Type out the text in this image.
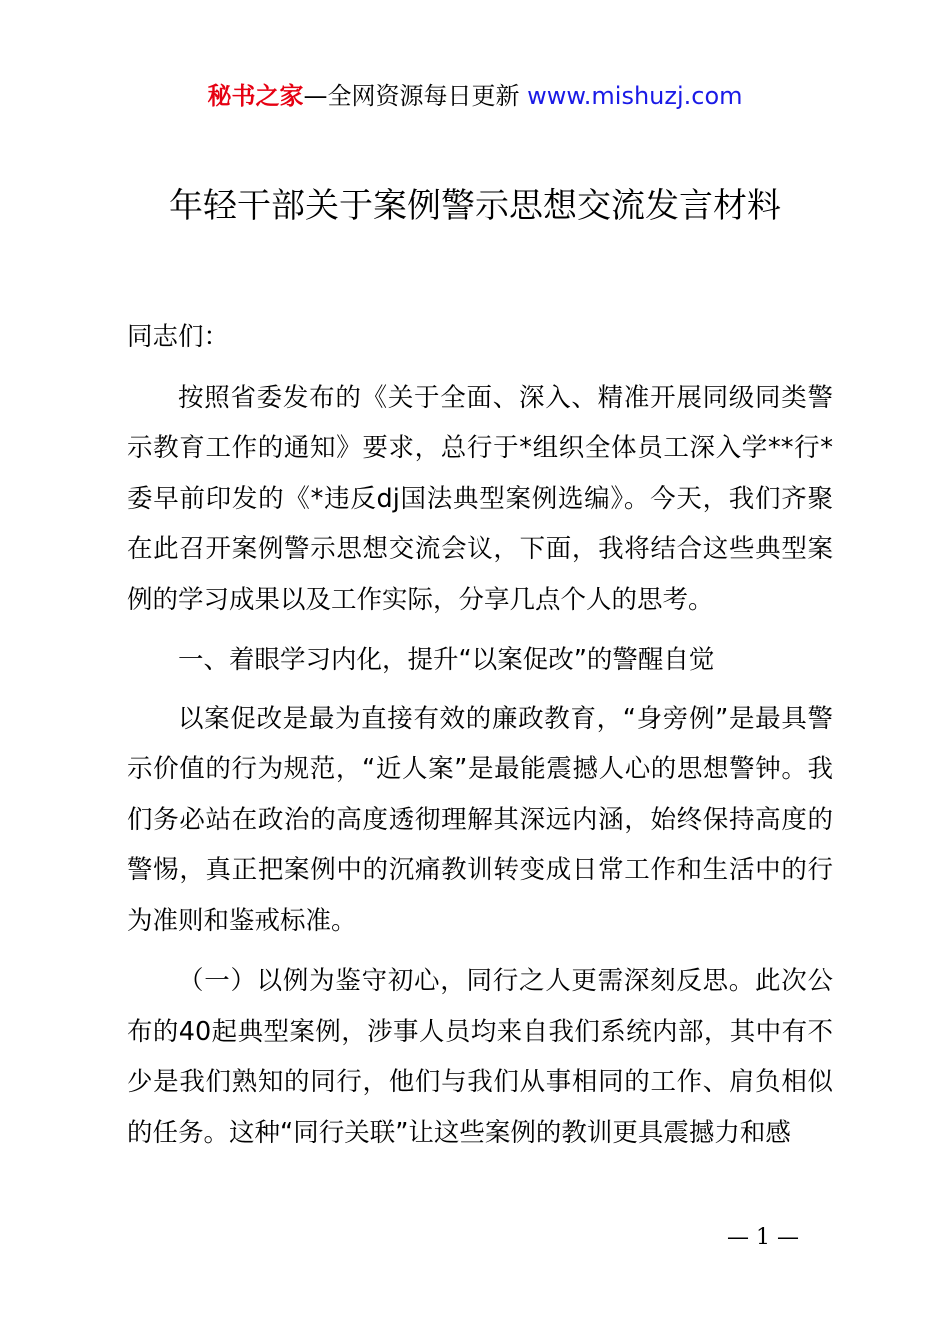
秘书之家—全网资源每日更新 www.mishuzj.com
年轻干部关于案例警示思想交流发言材料

同志们：

按照省委发布的《关于全面、深入、精准开展同级同类警示教育工作的通知》要求，总行于*组织全体员工深入学**行*委早前印发的《*违反dj国法典型案例选编》。今天，我们齐聚在此召开案例警示思想交流会议，下面，我将结合这些典型案例的学习成果以及工作实际，分享几点个人的思考。

一、着眼学习内化，提升“以案促改”的警醒自觉

以案促改是最为直接有效的廉政教育，“身旁例”是最具警示价值的行为规范，“近人案”是最能震撼人心的思想警钟。我们务必站在政治的高度透彻理解其深远内涵，始终保持高度的警惕，真正把案例中的沉痛教训转变成日常工作和生活中的行为准则和鉴戒标准。

（一）以例为鉴守初心，同行之人更需深刻反思。此次公布的40起典型案例，涉事人员均来自我们系统内部，其中有不少是我们熟知的同行，他们与我们从事相同的工作、肩负相似的任务。这种“同行关联”让这些案例的教训更具震撼力和感

— 1 —
